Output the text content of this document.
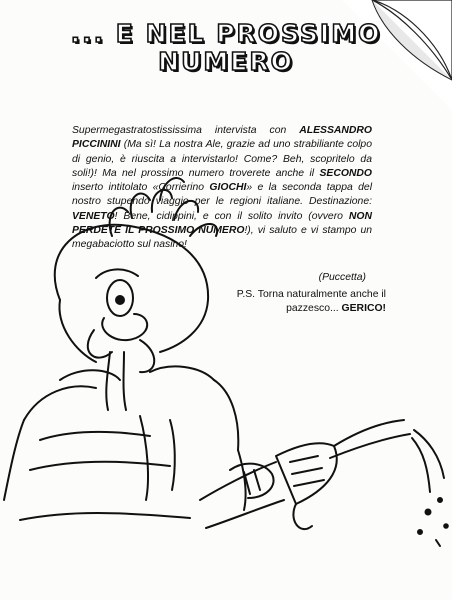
... E NEL PROSSIMO
NUMERO
Supermegastratostississima intervista con ALESSANDRO PICCININI (Ma sì! La nostra Ale, grazie ad uno strabiliante colpo di genio, è riuscita a intervistarlo! Come? Beh, scopritelo da soli!)! Ma nel prossimo numero troverete anche il SECONDO inserto intitolato «Corrierino GIOCHI» e la seconda tappa del nostro stupendo viaggio per le regioni italiane. Destinazione: VENETO! Bene, cidippini, e con il solito invito (ovvero NON PERDETE IL PROSSIMO NUMERO!), vi saluto e vi stampo un megabaciotto sul nasino!
(Puccetta)
P.S. Torna naturalmente anche il pazzesco... GERICO!
